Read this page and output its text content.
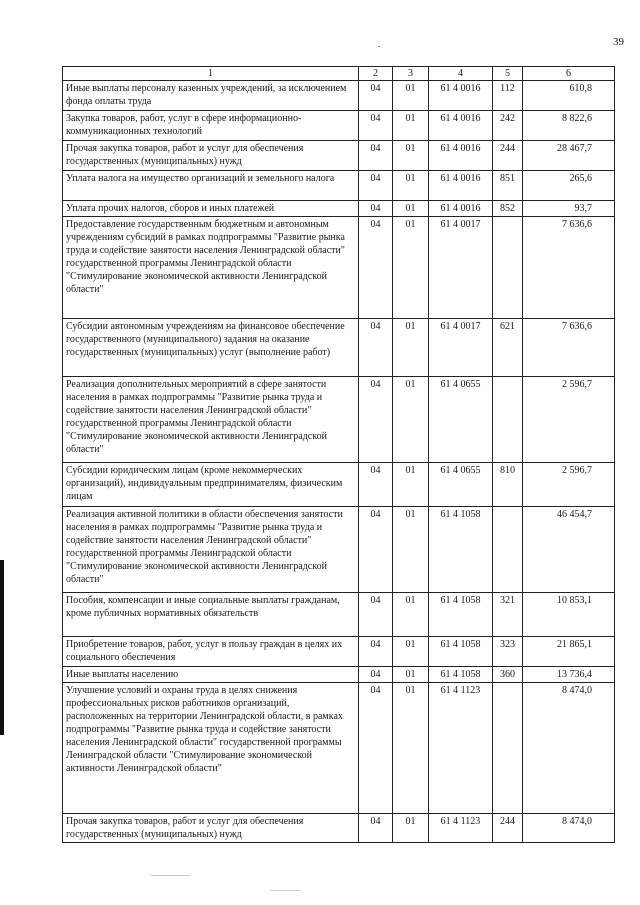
39
1	2	3	4	5	6
Иные выплаты персоналу казенных учреждений, за исключением фонда оплаты труда	04	01	61 4 0016	112	610,8
Закупка товаров, работ, услуг в сфере информационно-коммуникационных технологий	04	01	61 4 0016	242	8 822,6
Прочая закупка товаров, работ и услуг для обеспечения государственных (муниципальных) нужд	04	01	61 4 0016	244	28 467,7
Уплата налога на имущество организаций и земельного налога	04	01	61 4 0016	851	265,6
Уплата прочих налогов, сборов и иных платежей	04	01	61 4 0016	852	93,7
Предоставление государственным бюджетным и автономным учреждениям субсидий в рамках подпрограммы "Развитие рынка труда и содействие занятости населения Ленинградской области" государственной программы Ленинградской области "Стимулирование экономической активности Ленинградской области"	04	01	61 4 0017		7 636,6
Субсидии автономным учреждениям на финансовое обеспечение государственного (муниципального) задания на оказание государственных (муниципальных) услуг (выполнение работ)	04	01	61 4 0017	621	7 636,6
Реализация дополнительных мероприятий в сфере занятости населения в рамках подпрограммы "Развитие рынка труда и содействие занятости населения Ленинградской области" государственной программы Ленинградской области "Стимулирование экономической активности Ленинградской области"	04	01	61 4 0655		2 596,7
Субсидии юридическим лицам (кроме некоммерческих организаций), индивидуальным предпринимателям, физическим лицам	04	01	61 4 0655	810	2 596,7
Реализация активной политики в области обеспечения занятости населения в рамках подпрограммы "Развитие рынка труда и содействие занятости населения Ленинградской области" государственной программы Ленинградской области "Стимулирование экономической активности Ленинградской области"	04	01	61 4 1058		46 454,7
Пособия, компенсации и иные социальные выплаты гражданам, кроме публичных нормативных обязательств	04	01	61 4 1058	321	10 853,1
Приобретение товаров, работ, услуг в пользу граждан в целях их социального обеспечения	04	01	61 4 1058	323	21 865,1
Иные выплаты населению	04	01	61 4 1058	360	13 736,4
Улучшение условий и охраны труда в целях снижения профессиональных рисков работников организаций, расположенных на территории Ленинградской области, в рамках подпрограммы "Развитие рынка труда и содействие занятости населения Ленинградской области" государственной программы Ленинградской области "Стимулирование экономической активности Ленинградской области"	04	01	61 4 1123		8 474,0
Прочая закупка товаров, работ и услуг для обеспечения государственных (муниципальных) нужд	04	01	61 4 1123	244	8 474,0
